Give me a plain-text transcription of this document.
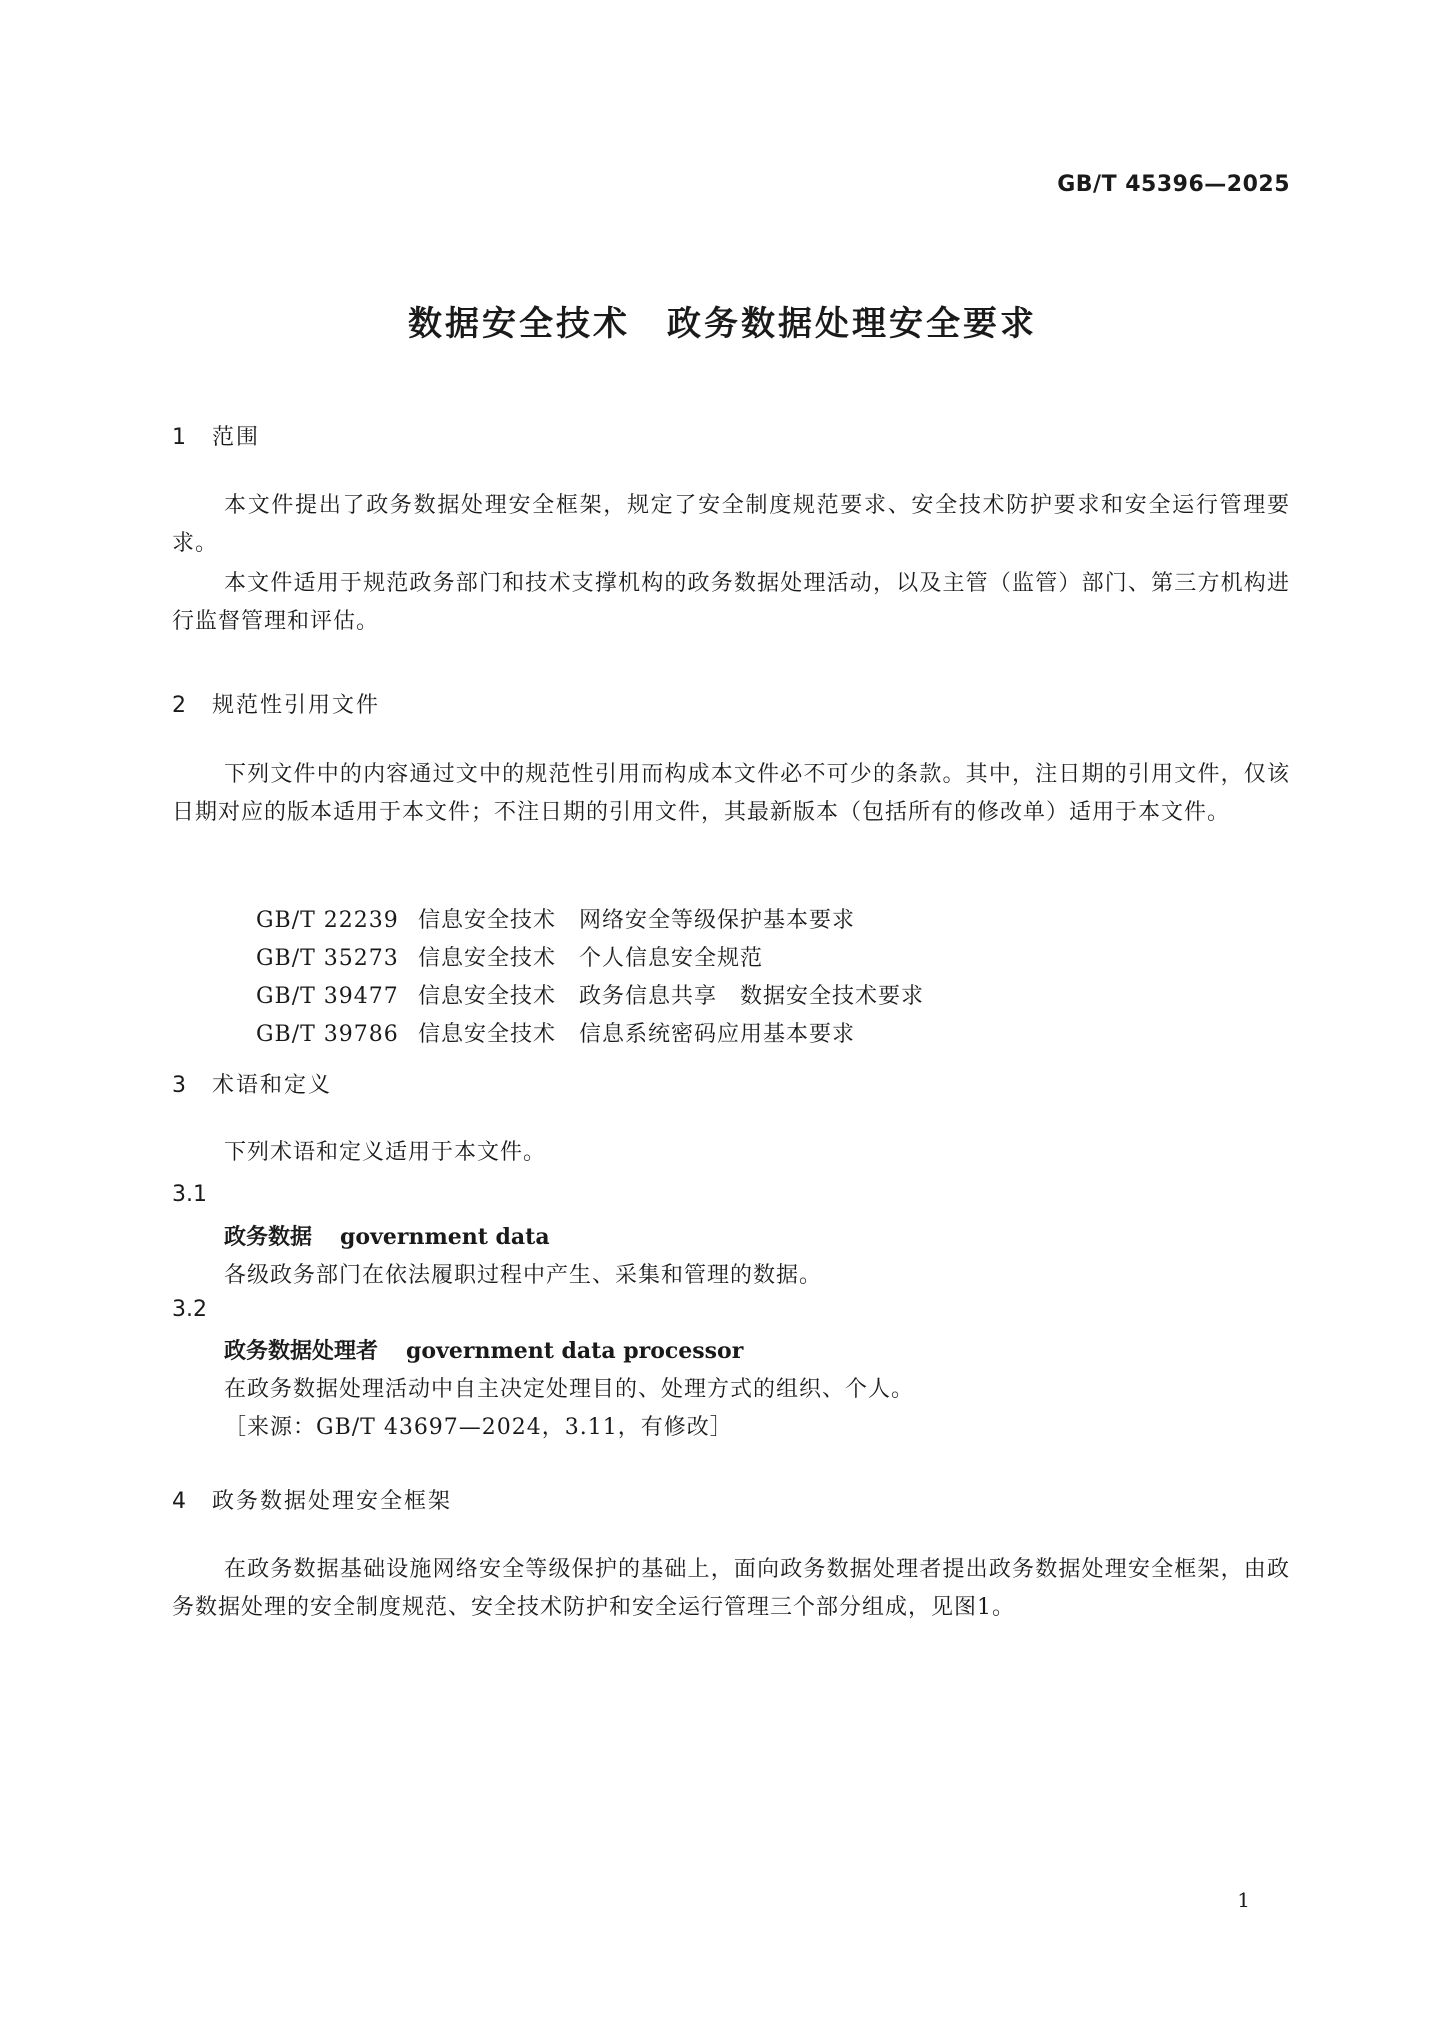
GB/T 45396—2025
数据安全技术　政务数据处理安全要求
1　范围
本文件提出了政务数据处理安全框架，规定了安全制度规范要求、安全技术防护要求和安全运行管理要求。
本文件适用于规范政务部门和技术支撑机构的政务数据处理活动，以及主管（监管）部门、第三方机构进行监督管理和评估。
2　规范性引用文件
下列文件中的内容通过文中的规范性引用而构成本文件必不可少的条款。其中，注日期的引用文件，仅该日期对应的版本适用于本文件；不注日期的引用文件，其最新版本（包括所有的修改单）适用于本文件。

GB/T 22239 信息安全技术　网络安全等级保护基本要求

GB/T 35273 信息安全技术　个人信息安全规范

GB/T 39477 信息安全技术　政务信息共享　数据安全技术要求

GB/T 39786 信息安全技术　信息系统密码应用基本要求

3　术语和定义
下列术语和定义适用于本文件。
3.1
政务数据 government data
各级政务部门在依法履职过程中产生、采集和管理的数据。
3.2
政务数据处理者 government data processor
在政务数据处理活动中自主决定处理目的、处理方式的组织、个人。
［来源：GB/T 43697—2024，3.11，有修改］
4　政务数据处理安全框架
在政务数据基础设施网络安全等级保护的基础上，面向政务数据处理者提出政务数据处理安全框架，由政务数据处理的安全制度规范、安全技术防护和安全运行管理三个部分组成，见图1。
1
